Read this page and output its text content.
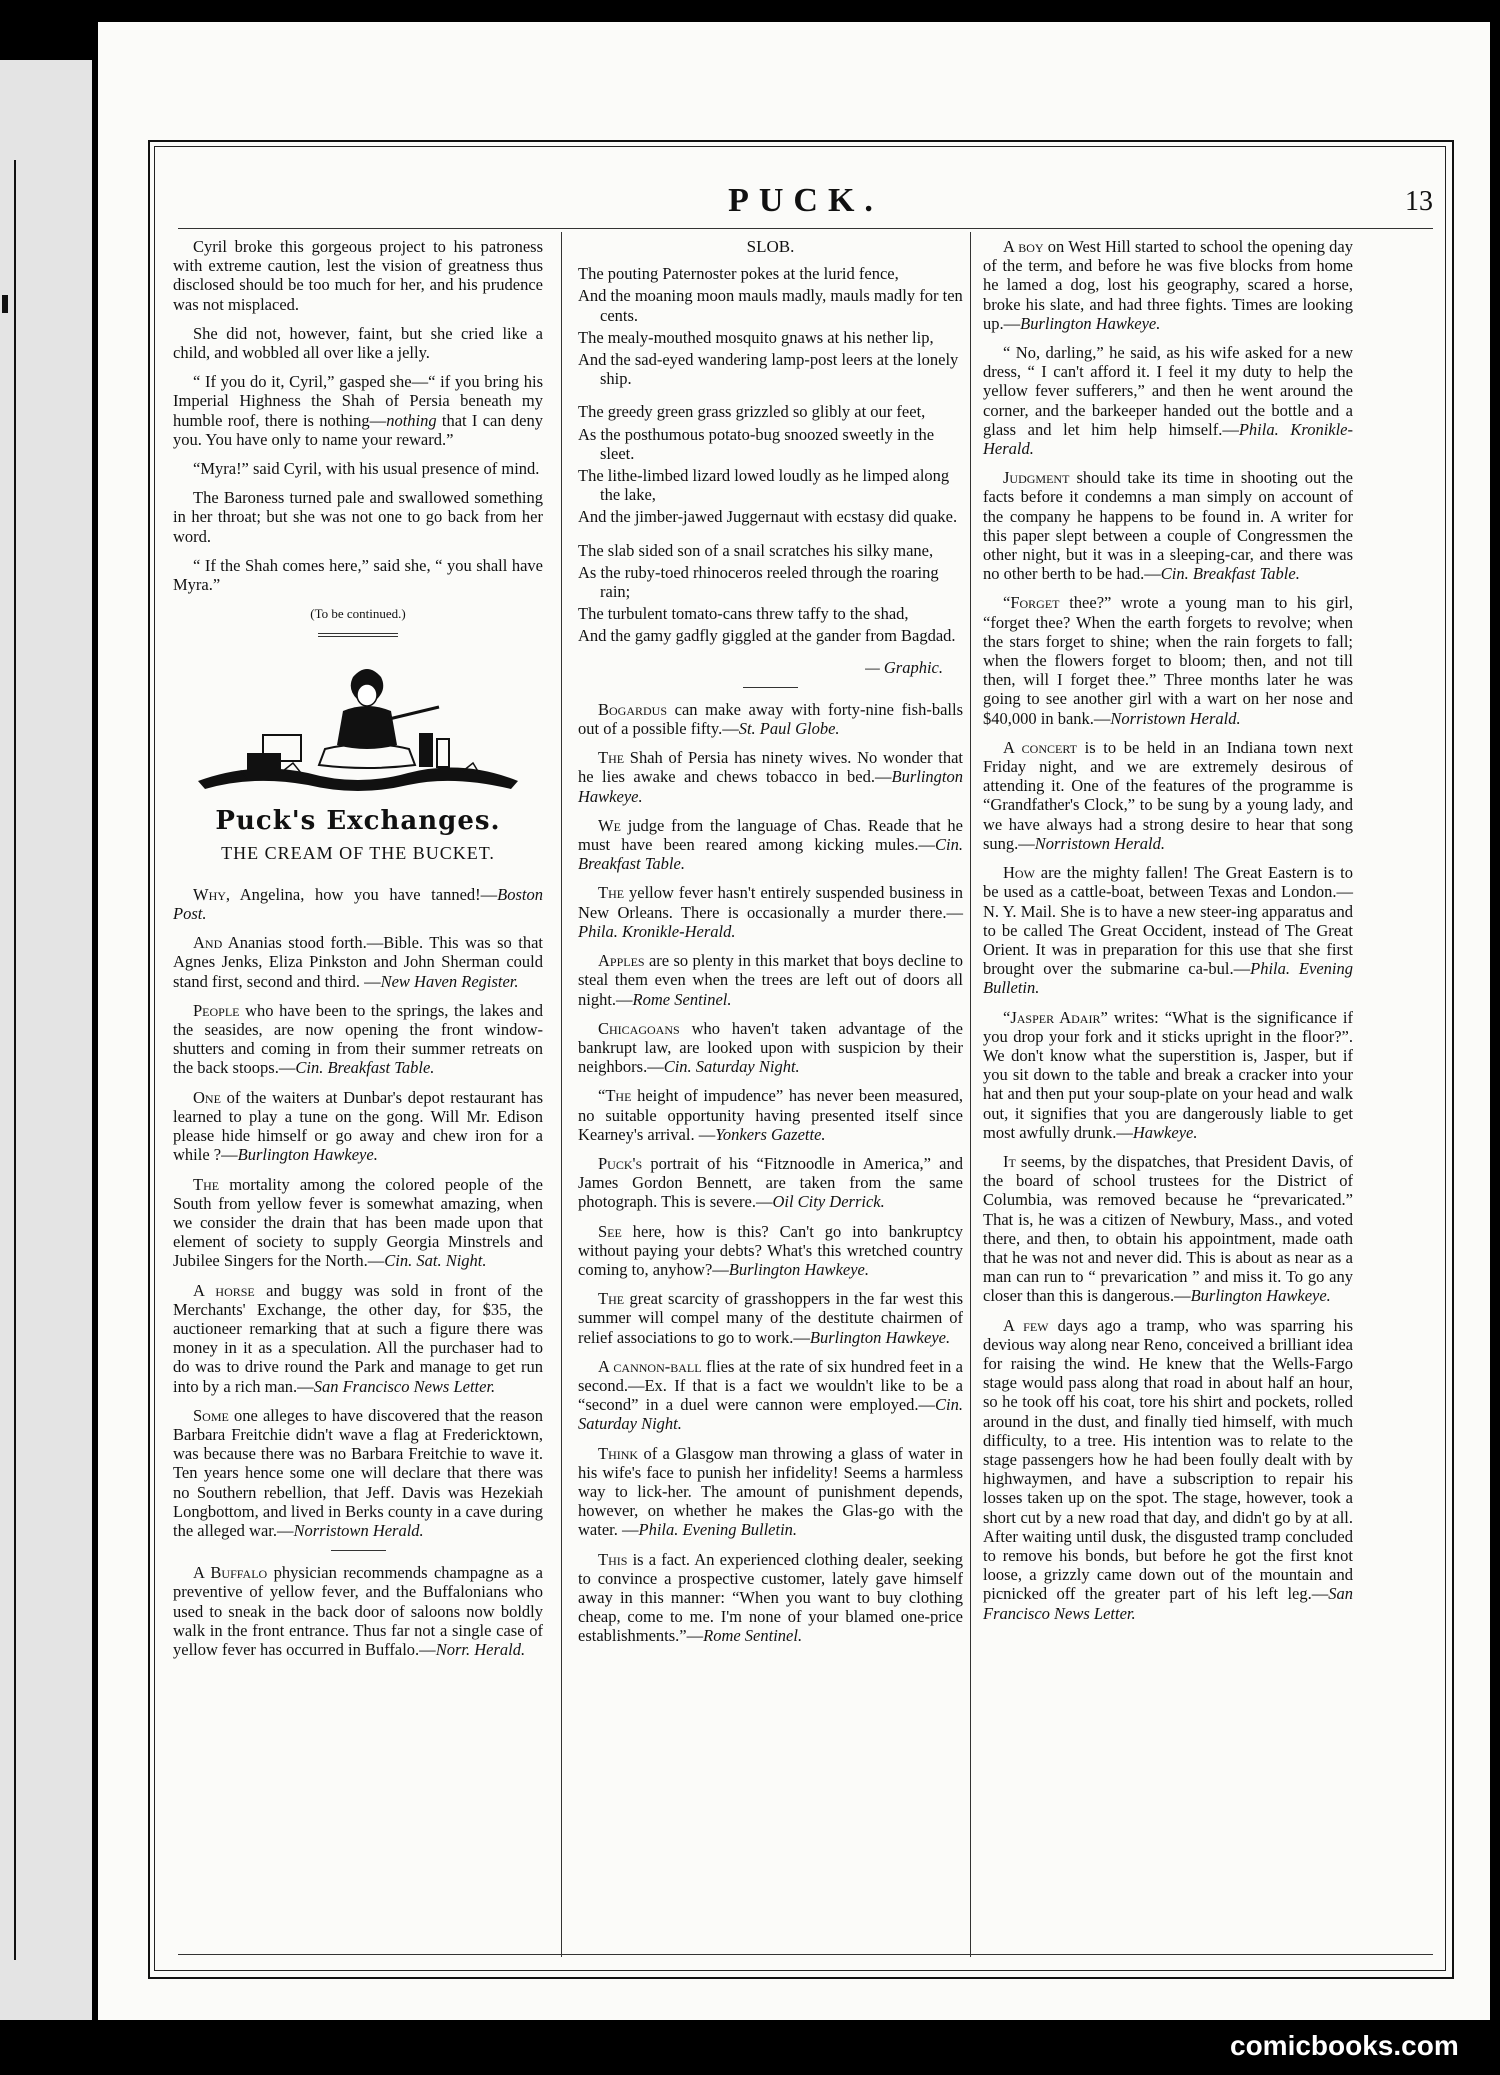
PUCK.	13

Cyril broke this gorgeous project to his patroness with extreme caution, lest the vision of greatness thus disclosed should be too much for her, and his prudence was not misplaced.

She did not, however, faint, but she cried like a child, and wobbled all over like a jelly.

“ If you do it, Cyril,” gasped she—“ if you bring his Imperial Highness the Shah of Persia beneath my humble roof, there is nothing—nothing that I can deny you. You have only to name your reward.”

“Myra!” said Cyril, with his usual presence of mind.

The Baroness turned pale and swallowed something in her throat; but she was not one to go back from her word.

“ If the Shah comes here,” said she, “ you shall have Myra.”

(To be continued.)

Puck's Exchanges.
THE CREAM OF THE BUCKET.

Why, Angelina, how you have tanned!—Boston Post.

And Ananias stood forth.—Bible. This was so that Agnes Jenks, Eliza Pinkston and John Sherman could stand first, second and third. —New Haven Register.

People who have been to the springs, the lakes and the seasides, are now opening the front window-shutters and coming in from their summer retreats on the back stoops.—Cin. Breakfast Table.

One of the waiters at Dunbar's depot restaurant has learned to play a tune on the gong. Will Mr. Edison please hide himself or go away and chew iron for a while ?—Burlington Hawkeye.

The mortality among the colored people of the South from yellow fever is somewhat amazing, when we consider the drain that has been made upon that element of society to supply Georgia Minstrels and Jubilee Singers for the North.—Cin. Sat. Night.

A horse and buggy was sold in front of the Merchants' Exchange, the other day, for $35, the auctioneer remarking that at such a figure there was money in it as a speculation. All the purchaser had to do was to drive round the Park and manage to get run into by a rich man.—San Francisco News Letter.

Some one alleges to have discovered that the reason Barbara Freitchie didn't wave a flag at Fredericktown, was because there was no Barbara Freitchie to wave it. Ten years hence some one will declare that there was no Southern rebellion, that Jeff. Davis was Hezekiah Longbottom, and lived in Berks county in a cave during the alleged war.—Norristown Herald.

A Buffalo physician recommends champagne as a preventive of yellow fever, and the Buffalonians who used to sneak in the back door of saloons now boldly walk in the front entrance. Thus far not a single case of yellow fever has occurred in Buffalo.—Norr. Herald.

SLOB.

The pouting Paternoster pokes at the lurid fence,

And the moaning moon mauls madly, mauls madly for ten cents.

The mealy-mouthed mosquito gnaws at his nether lip,

And the sad-eyed wandering lamp-post leers at the lonely ship.

The greedy green grass grizzled so glibly at our feet,

As the posthumous potato-bug snoozed sweetly in the sleet.

The lithe-limbed lizard lowed loudly as he limped along the lake,

And the jimber-jawed Juggernaut with ecstasy did quake.

The slab sided son of a snail scratches his silky mane,

As the ruby-toed rhinoceros reeled through the roaring rain;

The turbulent tomato-cans threw taffy to the shad,

And the gamy gadfly giggled at the gander from Bagdad.

— Graphic.

Bogardus can make away with forty-nine fish-balls out of a possible fifty.—St. Paul Globe.

The Shah of Persia has ninety wives. No wonder that he lies awake and chews tobacco in bed.—Burlington Hawkeye.

We judge from the language of Chas. Reade that he must have been reared among kicking mules.—Cin. Breakfast Table.

The yellow fever hasn't entirely suspended business in New Orleans. There is occasionally a murder there.—Phila. Kronikle-Herald.

Apples are so plenty in this market that boys decline to steal them even when the trees are left out of doors all night.—Rome Sentinel.

Chicagoans who haven't taken advantage of the bankrupt law, are looked upon with suspicion by their neighbors.—Cin. Saturday Night.

“The height of impudence” has never been measured, no suitable opportunity having presented itself since Kearney's arrival. —Yonkers Gazette.

Puck's portrait of his “Fitznoodle in America,” and James Gordon Bennett, are taken from the same photograph. This is severe.—Oil City Derrick.

See here, how is this? Can't go into bankruptcy without paying your debts? What's this wretched country coming to, anyhow?—Burlington Hawkeye.

The great scarcity of grasshoppers in the far west this summer will compel many of the destitute chairmen of relief associations to go to work.—Burlington Hawkeye.

A cannon-ball flies at the rate of six hundred feet in a second.—Ex. If that is a fact we wouldn't like to be a “second” in a duel were cannon were employed.—Cin. Saturday Night.

Think of a Glasgow man throwing a glass of water in his wife's face to punish her infidelity! Seems a harmless way to lick-her. The amount of punishment depends, however, on whether he makes the Glas-go with the water. —Phila. Evening Bulletin.

This is a fact. An experienced clothing dealer, seeking to convince a prospective customer, lately gave himself away in this manner: “When you want to buy clothing cheap, come to me. I'm none of your blamed one-price establishments.”—Rome Sentinel.

A boy on West Hill started to school the opening day of the term, and before he was five blocks from home he lamed a dog, lost his geography, scared a horse, broke his slate, and had three fights. Times are looking up.—Burlington Hawkeye.

“ No, darling,” he said, as his wife asked for a new dress, “ I can't afford it. I feel it my duty to help the yellow fever sufferers,” and then he went around the corner, and the barkeeper handed out the bottle and a glass and let him help himself.—Phila. Kronikle-Herald.

Judgment should take its time in shooting out the facts before it condemns a man simply on account of the company he happens to be found in. A writer for this paper slept between a couple of Congressmen the other night, but it was in a sleeping-car, and there was no other berth to be had.—Cin. Breakfast Table.

“Forget thee?” wrote a young man to his girl, “forget thee? When the earth forgets to revolve; when the stars forget to shine; when the rain forgets to fall; when the flowers forget to bloom; then, and not till then, will I forget thee.” Three months later he was going to see another girl with a wart on her nose and $40,000 in bank.—Norristown Herald.

A concert is to be held in an Indiana town next Friday night, and we are extremely desirous of attending it. One of the features of the programme is “Grandfather's Clock,” to be sung by a young lady, and we have always had a strong desire to hear that song sung.—Norristown Herald.

How are the mighty fallen! The Great Eastern is to be used as a cattle-boat, between Texas and London.—N. Y. Mail. She is to have a new steer-ing apparatus and to be called The Great Occident, instead of The Great Orient. It was in preparation for this use that she first brought over the submarine ca-bul.—Phila. Evening Bulletin.

“Jasper Adair” writes: “What is the significance if you drop your fork and it sticks upright in the floor?”. We don't know what the superstition is, Jasper, but if you sit down to the table and break a cracker into your hat and then put your soup-plate on your head and walk out, it signifies that you are dangerously liable to get most awfully drunk.—Hawkeye.

It seems, by the dispatches, that President Davis, of the board of school trustees for the District of Columbia, was removed because he “prevaricated.” That is, he was a citizen of Newbury, Mass., and voted there, and then, to obtain his appointment, made oath that he was not and never did. This is about as near as a man can run to “ prevarication ” and miss it. To go any closer than this is dangerous.—Burlington Hawkeye.

A few days ago a tramp, who was sparring his devious way along near Reno, conceived a brilliant idea for raising the wind. He knew that the Wells-Fargo stage would pass along that road in about half an hour, so he took off his coat, tore his shirt and pockets, rolled around in the dust, and finally tied himself, with much difficulty, to a tree. His intention was to relate to the stage passengers how he had been foully dealt with by highwaymen, and have a subscription to repair his losses taken up on the spot. The stage, however, took a short cut by a new road that day, and didn't go by at all. After waiting until dusk, the disgusted tramp concluded to remove his bonds, but before he got the first knot loose, a grizzly came down out of the mountain and picnicked off the greater part of his left leg.—San Francisco News Letter.

comicbooks.com
